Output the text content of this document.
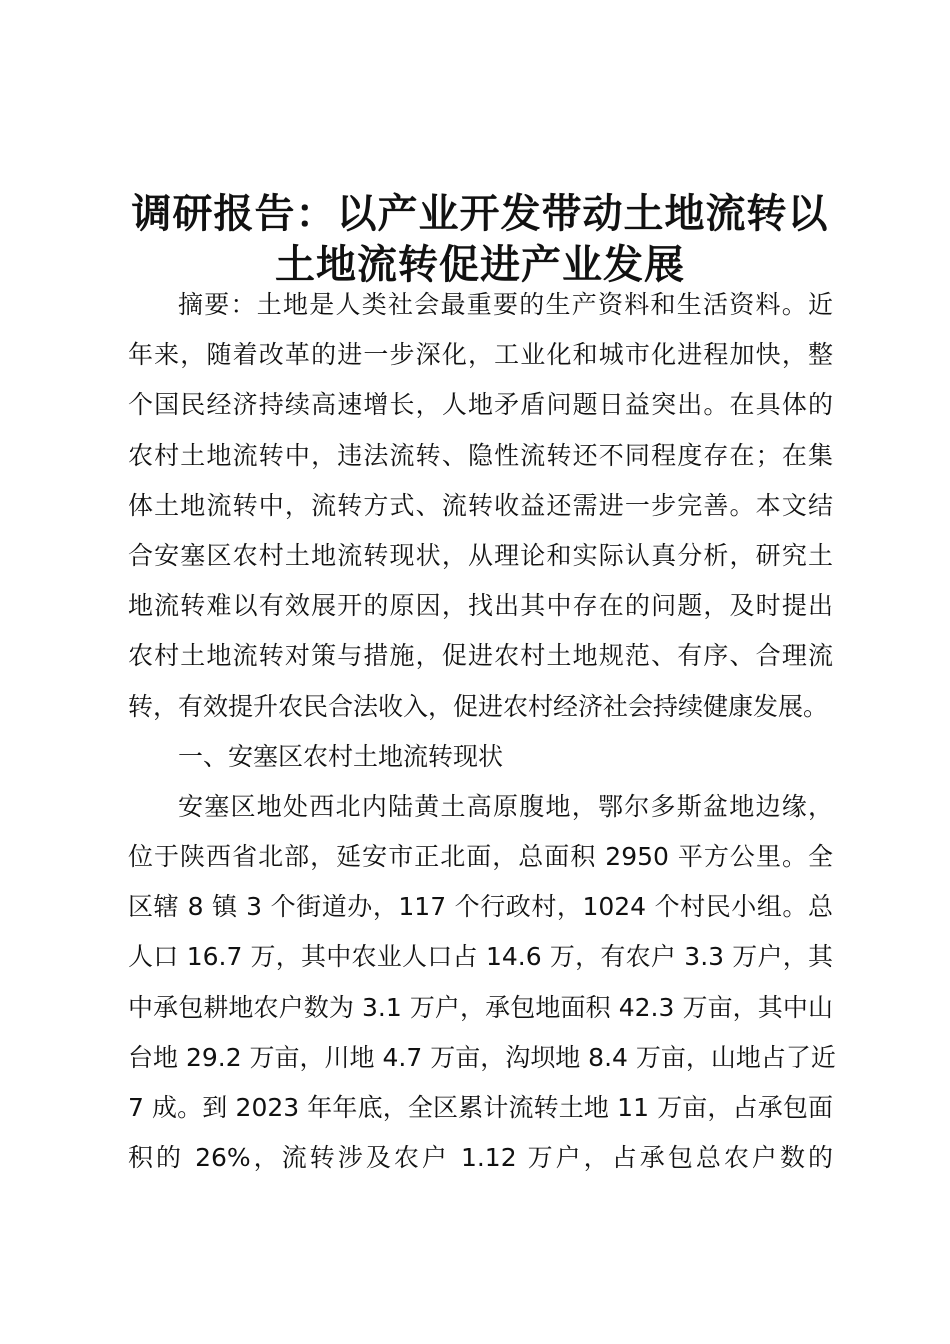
调研报告：以产业开发带动土地流转以
土地流转促进产业发展
摘要：土地是人类社会最重要的生产资料和生活资料。近
年来，随着改革的进一步深化，工业化和城市化进程加快，整
个国民经济持续高速增长，人地矛盾问题日益突出。在具体的
农村土地流转中，违法流转、隐性流转还不同程度存在；在集
体土地流转中，流转方式、流转收益还需进一步完善。本文结
合安塞区农村土地流转现状，从理论和实际认真分析，研究土
地流转难以有效展开的原因，找出其中存在的问题，及时提出
农村土地流转对策与措施，促进农村土地规范、有序、合理流
转，有效提升农民合法收入，促进农村经济社会持续健康发展。
一、安塞区农村土地流转现状
安塞区地处西北内陆黄土高原腹地，鄂尔多斯盆地边缘，
位于陕西省北部，延安市正北面，总面积 2950 平方公里。全
区辖 8 镇 3 个街道办，117 个行政村，1024 个村民小组。总
人口 16.7 万，其中农业人口占 14.6 万，有农户 3.3 万户，其
中承包耕地农户数为 3.1 万户，承包地面积 42.3 万亩，其中山
台地 29.2 万亩，川地 4.7 万亩，沟坝地 8.4 万亩，山地占了近
7 成。到 2023 年年底，全区累计流转土地 11 万亩，占承包面
积的 26%，流转涉及农户 1.12 万户，占承包总农户数的
